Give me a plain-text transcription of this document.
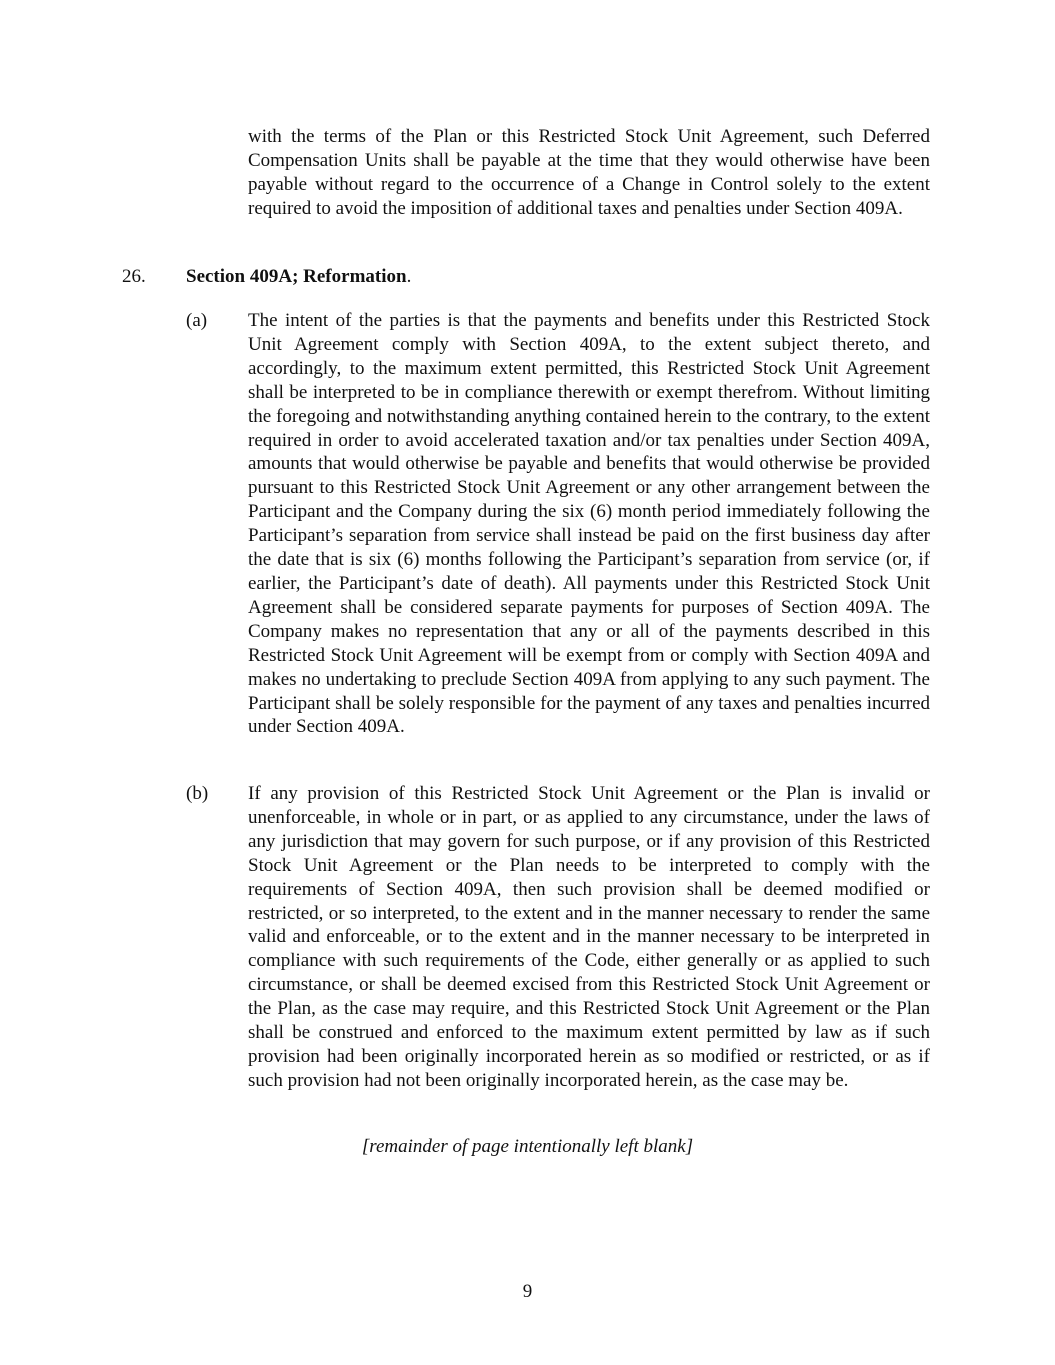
with the terms of the Plan or this Restricted Stock Unit Agreement, such Deferred Compensation Units shall be payable at the time that they would otherwise have been payable without regard to the occurrence of a Change in Control solely to the extent required to avoid the imposition of additional taxes and penalties under Section 409A.

26. Section 409A; Reformation.
(a) The intent of the parties is that the payments and benefits under this Restricted Stock Unit Agreement comply with Section 409A, to the extent subject thereto, and accordingly, to the maximum extent permitted, this Restricted Stock Unit Agreement shall be interpreted to be in compliance therewith or exempt therefrom. Without limiting the foregoing and notwithstanding anything contained herein to the contrary, to the extent required in order to avoid accelerated taxation and/or tax penalties under Section 409A, amounts that would otherwise be payable and benefits that would otherwise be provided pursuant to this Restricted Stock Unit Agreement or any other arrangement between the Participant and the Company during the six (6) month period immediately following the Participant’s separation from service shall instead be paid on the first business day after the date that is six (6) months following the Participant’s separation from service (or, if earlier, the Participant’s date of death). All payments under this Restricted Stock Unit Agreement shall be considered separate payments for purposes of Section 409A. The Company makes no representation that any or all of the payments described in this Restricted Stock Unit Agreement will be exempt from or comply with Section 409A and makes no undertaking to preclude Section 409A from applying to any such payment. The Participant shall be solely responsible for the payment of any taxes and penalties incurred under Section 409A.

(b) If any provision of this Restricted Stock Unit Agreement or the Plan is invalid or unenforceable, in whole or in part, or as applied to any circumstance, under the laws of any jurisdiction that may govern for such purpose, or if any provision of this Restricted Stock Unit Agreement or the Plan needs to be interpreted to comply with the requirements of Section 409A, then such provision shall be deemed modified or restricted, or so interpreted, to the extent and in the manner necessary to render the same valid and enforceable, or to the extent and in the manner necessary to be interpreted in compliance with such requirements of the Code, either generally or as applied to such circumstance, or shall be deemed excised from this Restricted Stock Unit Agreement or the Plan, as the case may require, and this Restricted Stock Unit Agreement or the Plan shall be construed and enforced to the maximum extent permitted by law as if such provision had been originally incorporated herein as so modified or restricted, or as if such provision had not been originally incorporated herein, as the case may be.

[remainder of page intentionally left blank]

9
